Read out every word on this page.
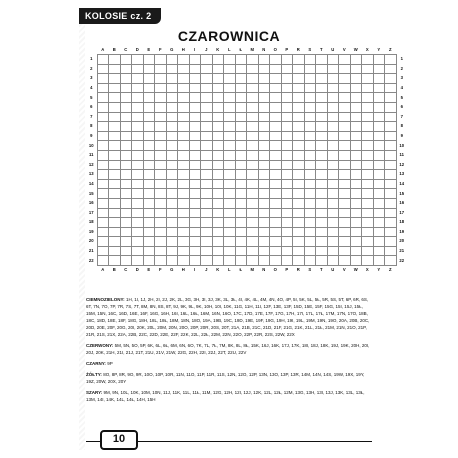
KOLOSIE cz. 2
CZAROWNICA
	A	B	C	D	E	F	G	H	I	J	K	L	Ł	M	N	O	P	R	S	T	U	V	W	X	Y	Z	
1																											1
2																											2
3																											3
4																											4
5																											5
6																											6
7																											7
8																											8
9																											9
10																											10
11																											11
12																											12
13																											13
14																											14
15																											15
16																											16
17																											17
18																											18
19																											19
20																											20
21																											21
22																											22
	A	B	C	D	E	F	G	H	I	J	K	L	Ł	M	N	O	P	R	S	T	U	V	W	X	Y	Z	
CIEMNOZIELONY: 1H, 1I, 1J, 2H, 2I, 2J, 2K, 2L, 3G, 3H, 3I, 3J, 3K, 3L, 3Ł, 4I, 4K, 4L, 4M, 4N, 4O, 4P, 5I, 5K, 5L, 5Ł, 5R, 5S, 5T, 6P, 6R, 6S, 6T, 7N, 7O, 7P, 7R, 7S, 7T, 8M, 8N, 8S, 8T, 9J, 9K, 9L, 9K, 10H, 10I, 10K, 11G, 11H, 11I, 12F, 13E, 13F, 15D, 15E, 15F, 15G, 15I, 15J, 15Ł, 15M, 15N, 16C, 16D, 16E, 16F, 16G, 16H, 16I, 16L, 16Ł, 16M, 16N, 16O, 17C, 17D, 17E, 17F, 17G, 17H, 17I, 17L, 17Ł, 17M, 17N, 17O, 18B, 18C, 18D, 18E, 18F, 18G, 18H, 18L, 18Ł, 18M, 18N, 18O, 19A, 19B, 19C, 19D, 19E, 19F, 19G, 19H, 19I, 19L, 19M, 19N, 19O, 20A, 20B, 20C, 20D, 20E, 20F, 20G, 20I, 20K, 20L, 20M, 20N, 20O, 20P, 20R, 20S, 20T, 21A, 21B, 21C, 21D, 21F, 21G, 21K, 21L, 21Ł, 21M, 21N, 21O, 21P, 21R, 21S, 21X, 22A, 22B, 22C, 22D, 22E, 22F, 22K, 22L, 22Ł, 22M, 22N, 22O, 22P, 22R, 22S, 22W, 22X
CZERWONY: 5M, 5N, 5O, 5P, 6K, 6L, 6Ł, 6M, 6N, 6O, 7K, 7L, 7Ł, 7M, 8K, 8L, 8Ł, 15K, 16J, 16K, 17J, 17K, 18I, 18J, 18K, 19J, 19K, 20H, 20I, 20J, 20K, 21H, 21I, 21J, 21T, 21U, 21V, 21W, 22G, 22H, 22I, 22J, 22T, 22U, 22V
CZARNY: 9P
ŻÓŁTY: 8O, 8P, 8R, 9O, 9R, 10O, 10P, 10R, 11N, 11O, 11P, 11R, 11S, 12N, 12O, 12P, 13N, 13O, 13P, 13R, 14M, 14N, 14S, 19W, 19X, 19Y, 19Z, 20W, 20X, 20Y
SZARY: 9M, 9N, 10L, 10K, 10M, 10N, 11J, 11K, 11L, 11Ł, 11M, 12G, 12H, 12I, 12J, 12K, 12L, 12Ł, 12M, 13G, 13H, 13I, 13J, 13K, 13L, 13Ł, 13M, 14I, 14K, 14L, 14Ł, 14H, 15H
10
